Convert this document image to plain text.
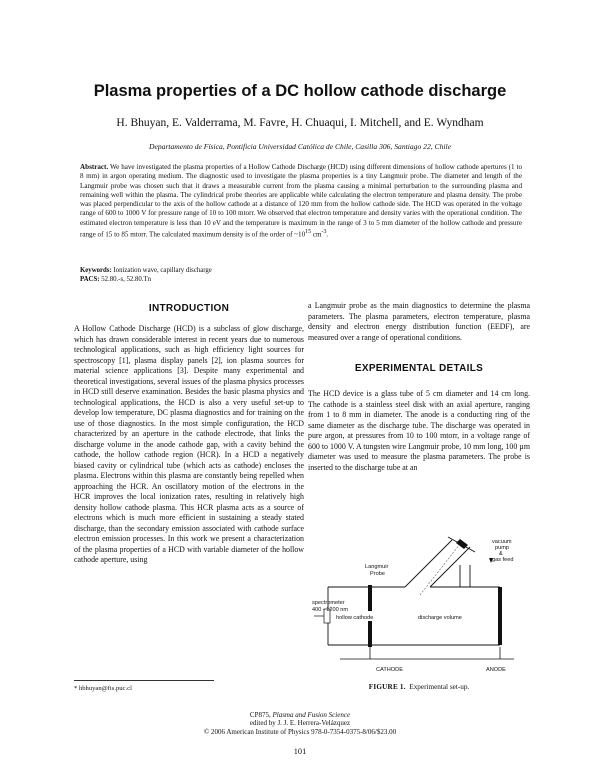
Plasma properties of a DC hollow cathode discharge
H. Bhuyan, E. Valderrama, M. Favre, H. Chuaqui, I. Mitchell, and E. Wyndham
Departamento de Física, Pontificia Universidad Católica de Chile, Casilla 306, Santiago 22, Chile
Abstract. We have investigated the plasma properties of a Hollow Cathode Discharge (HCD) using different dimensions of hollow cathode apertures (1 to 8 mm) in argon operating medium. The diagnostic used to investigate the plasma properties is a tiny Langmuir probe. The diameter and length of the Langmuir probe was chosen such that it draws a measurable current from the plasma causing a minimal perturbation to the surrounding plasma and remaining well within the plasma. The cylindrical probe theories are applicable while calculating the electron temperature and plasma density. The probe was placed perpendicular to the axis of the hollow cathode at a distance of 120 mm from the hollow cathode side. The HCD was operated in the voltage range of 600 to 1000 V for pressure range of 10 to 100 mtorr. We observed that electron temperature and density varies with the operational condition. The estimated electron temperature is less than 10 eV and the temperature is maximum in the range of 3 to 5 mm diameter of the hollow cathode and pressure range of 15 to 85 mtorr. The calculated maximum density is of the order of $\sim 10^{15}$ $cm^{-3}$.
Keywords: Ionization wave, capillary discharge
PACS: 52.80.-s, 52.80.Tn
INTRODUCTION

A Hollow Cathode Discharge (HCD) is a subclass of glow discharge, which has drawn considerable interest in recent years due to numerous technological applications, such as high efficiency light sources for spectroscopy [1], plasma display panels [2], ion plasma sources for material science applications [3]. Despite many experimental and theoretical investigations, several issues of the plasma physics processes in HCD still deserve examination. Besides the basic plasma physics and technological applications, the HCD is also a very useful set-up to develop low temperature, DC plasma diagnostics and for training on the use of those diagnostics. In the most simple configuration, the HCD characterized by an aperture in the cathode electrode, that links the discharge volume in the anode cathode gap, with a cavity behind the cathode, the hollow cathode region (HCR). In a HCD a negatively biased cavity or cylindrical tube (which acts as cathode) encloses the plasma. Electrons within this plasma are constantly being repelled when approaching the HCR. An oscillatory motion of the electrons in the HCR improves the local ionization rates, resulting in relatively high density hollow cathode plasma. This HCR plasma acts as a source of electrons which is much more efficient in sustaining a steady stated discharge, than the secondary emission associated with cathode surface electron emission processes. In this work we present a characterization of the plasma properties of a HCD with variable diameter of the hollow cathode aperture, using

a Langmuir probe as the main diagnostics to determine the plasma parameters. The plasma parameters, electron temperature, plasma density and electron energy distribution function (EEDF), are measured over a range of operational conditions.

EXPERIMENTAL DETAILS

The HCD device is a glass tube of 5 cm diameter and 14 cm long. The cathode is a stainless steel disk with an axial aperture, ranging from 1 to 8 mm in diameter. The anode is a conducting ring of the same diameter as the discharge tube. The discharge was operated in pure argon, at pressures from 10 to 100 mtorr, in a voltage range of 600 to 1000 V. A tungsten wire Langmuir probe, 10 mm long, 100 µm diameter was used to measure the plasma parameters. The probe is inserted to the discharge tube at an

spectrometer
400 - 1200 nm
Langmuir
Probe
vacuum
pump
&
gas feed
hollow cathode	discharge volume
CATHODE	ANODE
* hbhuyan@fis.puc.cl	FIGURE 1. Experimental set-up.
CP875, Plasma and Fusion Science
edited by J. J. E. Herrera-Velázquez
© 2006 American Institute of Physics 978-0-7354-0375-8/06/$23.00
101
